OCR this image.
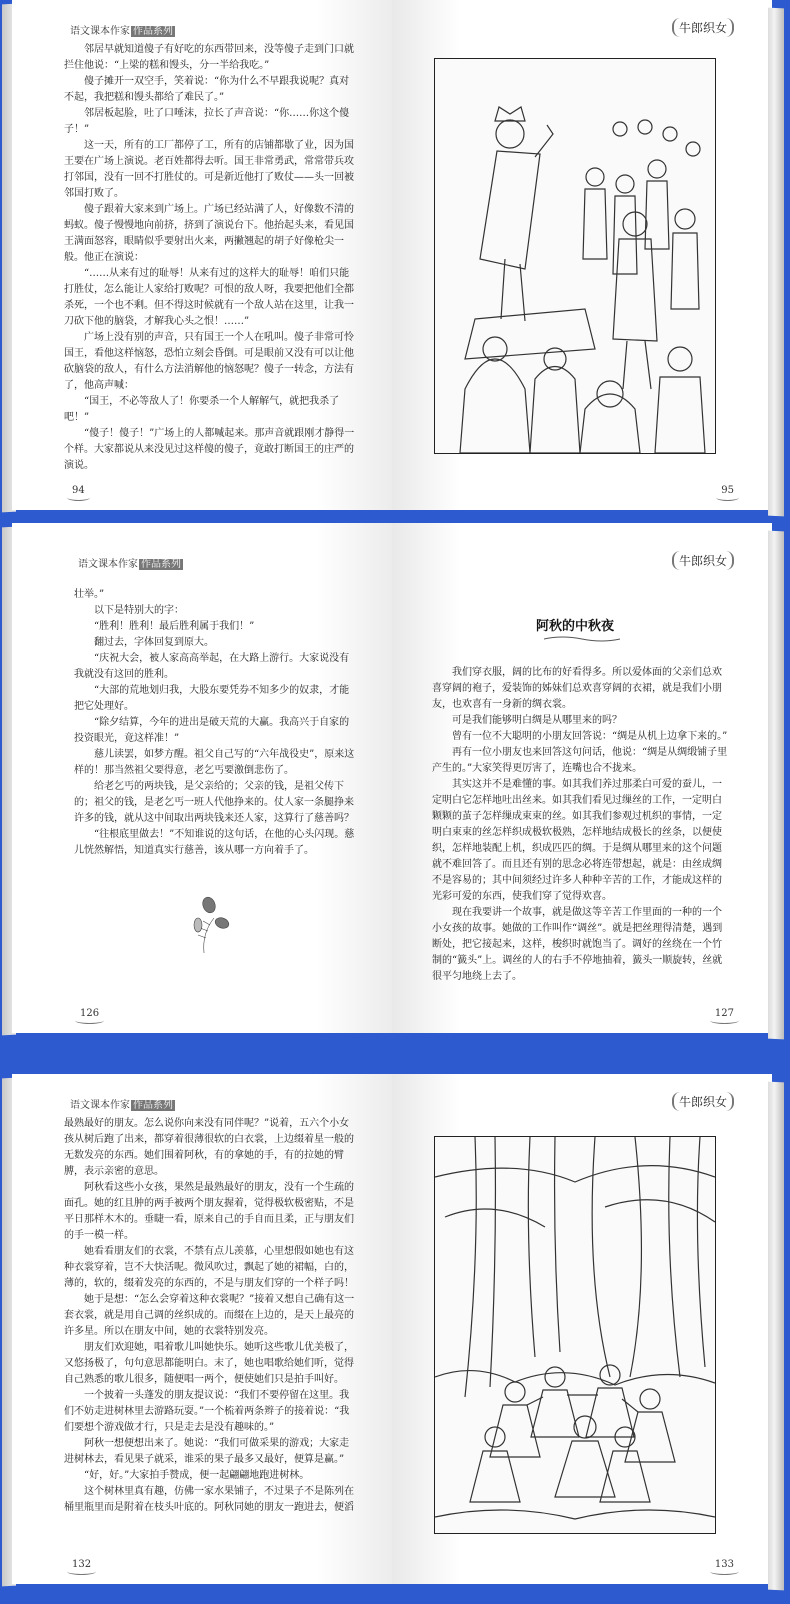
语文课本作家 作品系列

邻居早就知道傻子有好吃的东西带回来，没等傻子走到门口就拦住他说：“上梁的糕和馒头，分一半给我吃。”

傻子摊开一双空手，笑着说：“你为什么不早跟我说呢？真对不起，我把糕和馒头都给了难民了。”

邻居板起脸，吐了口唾沫，拉长了声音说：“你……你这个傻子！”

这一天，所有的工厂都停了工，所有的店铺都歇了业，因为国王要在广场上演说。老百姓都得去听。国王非常勇武，常常带兵攻打邻国，没有一回不打胜仗的。可是新近他打了败仗——头一回被邻国打败了。

傻子跟着大家来到广场上。广场已经站满了人，好像数不清的蚂蚁。傻子慢慢地向前挤，挤到了演说台下。他抬起头来，看见国王满面怒容，眼睛似乎要射出火来，两撇翘起的胡子好像枪尖一般。他正在演说：

“……从来有过的耻辱！从来有过的这样大的耻辱！咱们只能打胜仗，怎么能让人家给打败呢？可恨的敌人呀，我要把他们全都杀死，一个也不剩。但不得这时候就有一个敌人站在这里，让我一刀砍下他的脑袋，才解我心头之恨！……”

广场上没有别的声音，只有国王一个人在吼叫。傻子非常可怜国王，看他这样恼怒，恐怕立刻会昏倒。可是眼前又没有可以让他砍脑袋的敌人，有什么方法消解他的恼怒呢？傻子一转念，方法有了，他高声喊：

“国王，不必等敌人了！你要杀一个人解解气，就把我杀了吧！”

“傻子！傻子！”广场上的人都喊起来。那声音就跟刚才静得一个样。大家都说从来没见过这样傻的傻子，竟敢打断国王的庄严的演说。

94
牛郎织女
95
语文课本作家 作品系列

壮举。”

以下是特别大的字：

“胜利！胜利！最后胜利属于我们！”

翻过去，字体回复到原大。

“庆祝大会，被人家高高举起，在大路上游行。大家说没有我就没有这回的胜利。

“大部的荒地划归我，大股东要凭券不知多少的奴隶，才能把它处理好。

“除夕结算，今年的进出是破天荒的大赢。我高兴于自家的投资眼光，竟这样准！”

慈儿读罢，如梦方醒。祖父自己写的“六年战役史”，原来这样的！那当然祖父要得意，老乞丐要激倒悲伤了。

给老乞丐的两块钱，是父亲给的；父亲的钱，是祖父传下的；祖父的钱，是老乞丐一班人代他挣来的。仗人家一条腿挣来许多的钱，就从这中间取出两块钱来还人家，这算行了慈善吗？

“往根底里做去！”不知谁说的这句话，在他的心头闪现。慈儿恍然解悟，知道真实行慈善，该从哪一方向着手了。

126
牛郎织女
阿秋的中秋夜

我们穿衣服，阔的比布的好看得多。所以爱体面的父亲们总欢喜穿阔的袍子，爱装饰的姊妹们总欢喜穿阔的衣裙，就是我们小朋友，也欢喜有一身新的绸衣裳。

可是我们能够明白绸是从哪里来的吗？

曾有一位不大聪明的小朋友回答说：“绸是从机上边拿下来的。”

再有一位小朋友也来回答这句问话，他说：“绸是从绸缎铺子里产生的。”大家笑得更厉害了，连嘴也合不拢来。

其实这并不是难懂的事。如其我们养过那柔白可爱的蚕儿，一定明白它怎样地吐出丝来。如其我们看见过缫丝的工作，一定明白颗颗的茧子怎样缫成束束的丝。如其我们参观过机织的事情，一定明白束束的丝怎样织成极软极熟，怎样地结成极长的丝条，以便使织，怎样地装配上机，织成匹匹的绸。于是绸从哪里来的这个问题就不难回答了。而且还有别的思念必将连带想起，就是：由丝成绸不是容易的；其中间须经过许多人种种辛苦的工作，才能成这样的光彩可爱的东西，使我们穿了觉得欢喜。

现在我要讲一个故事，就是做这等辛苦工作里面的一种的一个小女孩的故事。她做的工作叫作“调丝”。就是把丝理得清楚，遇到断处，把它接起来，这样，梭织时就饱当了。调好的丝绕在一个竹制的“籖头”上。调丝的人的右手不停地抽着，籖头一顺旋转，丝就很平匀地绕上去了。

127
语文课本作家 作品系列

最熟最好的朋友。怎么说你向来没有同伴呢？”说着，五六个小女孩从树后跑了出来，都穿着很薄很软的白衣裳，上边缀着星一般的无数发亮的东西。她们围着阿秋，有的拿她的手，有的拉她的臂膊，表示亲密的意思。

阿秋看这些小女孩，果然是最熟最好的朋友，没有一个生疏的面孔。她的红且肿的两手被两个朋友握着，觉得极软极密贴，不是平日那样木木的。垂睫一看，原来自己的手自而且柔，正与朋友们的手一模一样。

她看看朋友们的衣裳，不禁有点儿羡慕，心里想假如她也有这种衣裳穿着，岂不大快活呢。微风吹过，飘起了她的裙幅，白的，薄的，软的，缀着发亮的东西的，不是与朋友们穿的一个样子吗！

她于是想：“怎么会穿着这种衣裳呢？”接着又想自己确有这一套衣裳，就是用自己调的丝织成的。而缀在上边的，是天上最亮的许多星。所以在朋友中间，她的衣裳特别发亮。

朋友们欢迎她，唱着歌儿叫她快乐。她听这些歌儿优美极了，又悠扬极了，句句意思都能明白。末了，她也唱歌给她们听，觉得自己熟悉的歌儿很多，随便唱一两个，便使她们只是拍手叫好。

一个披着一头蓬发的朋友提议说：“我们不要停留在这里。我们不妨走进树林里去游路玩耍。”一个梳着两条辫子的接着说：“我们要想个游戏做才行，只是走去是没有趣味的。”

阿秋一想便想出来了。她说：“我们可做采果的游戏；大家走进树林去，看见果子就采，谁采的果子最多又最好，便算是赢。”

“好，好。”大家拍手赞成，便一起翩翩地跑进树林。

这个树林里真有趣，仿佛一家水果铺子，不过果子不是陈列在桶里瓶里而是附着在枝头叶底的。阿秋同她的朋友一跑进去，便滔

132
牛郎织女
133
